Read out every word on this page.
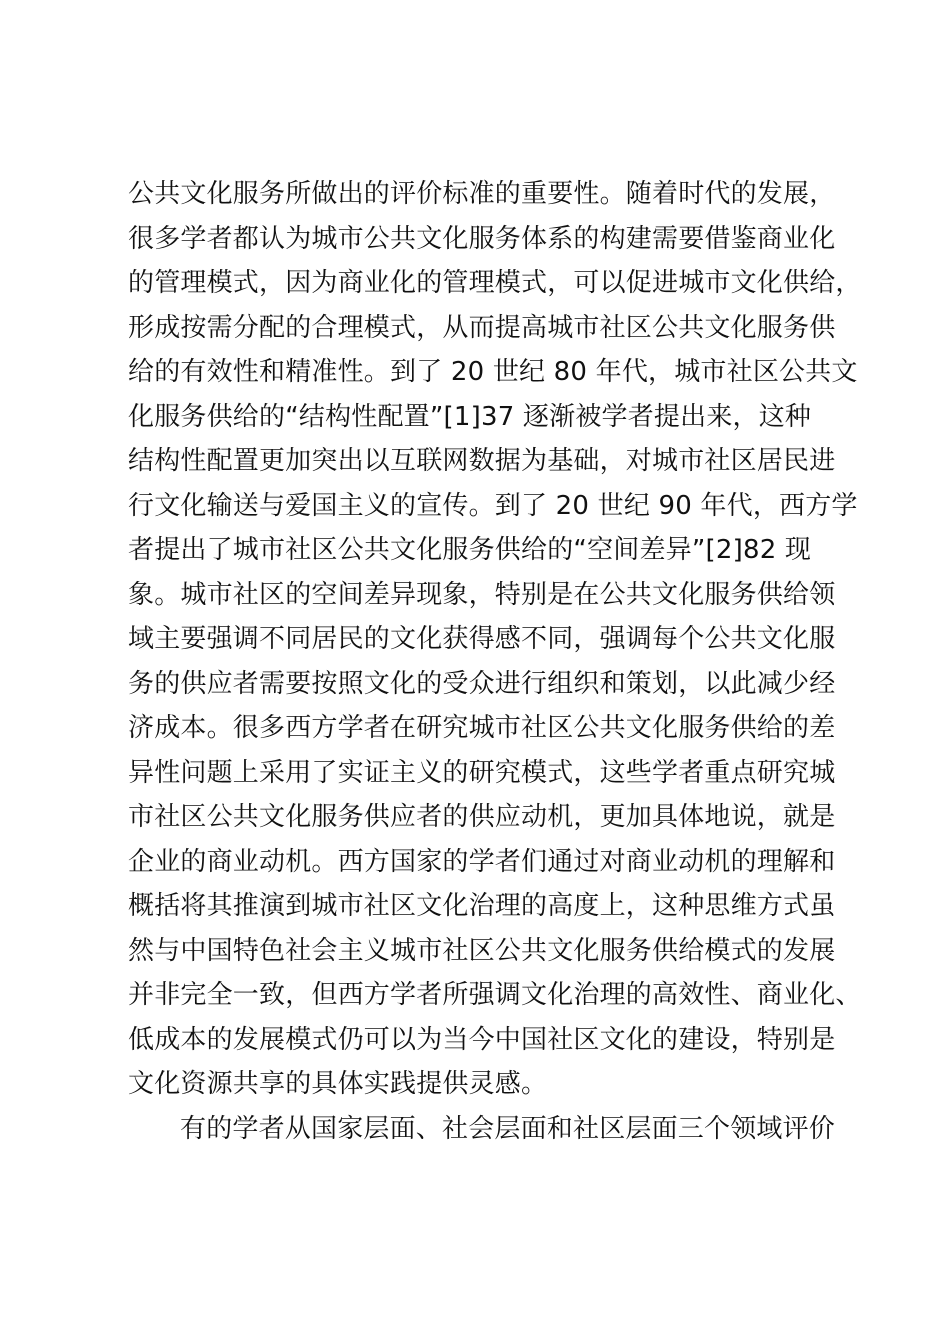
公共文化服务所做出的评价标准的重要性。随着时代的发展，
很多学者都认为城市公共文化服务体系的构建需要借鉴商业化
的管理模式，因为商业化的管理模式，可以促进城市文化供给，
形成按需分配的合理模式，从而提高城市社区公共文化服务供
给的有效性和精准性。到了 20 世纪 80 年代，城市社区公共文
化服务供给的“结构性配置”[1]37 逐渐被学者提出来，这种
结构性配置更加突出以互联网数据为基础，对城市社区居民进
行文化输送与爱国主义的宣传。到了 20 世纪 90 年代，西方学
者提出了城市社区公共文化服务供给的“空间差异”[2]82 现
象。城市社区的空间差异现象，特别是在公共文化服务供给领
域主要强调不同居民的文化获得感不同，强调每个公共文化服
务的供应者需要按照文化的受众进行组织和策划，以此减少经
济成本。很多西方学者在研究城市社区公共文化服务供给的差
异性问题上采用了实证主义的研究模式，这些学者重点研究城
市社区公共文化服务供应者的供应动机，更加具体地说，就是
企业的商业动机。西方国家的学者们通过对商业动机的理解和
概括将其推演到城市社区文化治理的高度上，这种思维方式虽
然与中国特色社会主义城市社区公共文化服务供给模式的发展
并非完全一致，但西方学者所强调文化治理的高效性、商业化、
低成本的发展模式仍可以为当今中国社区文化的建设，特别是
文化资源共享的具体实践提供灵感。
有的学者从国家层面、社会层面和社区层面三个领域评价
